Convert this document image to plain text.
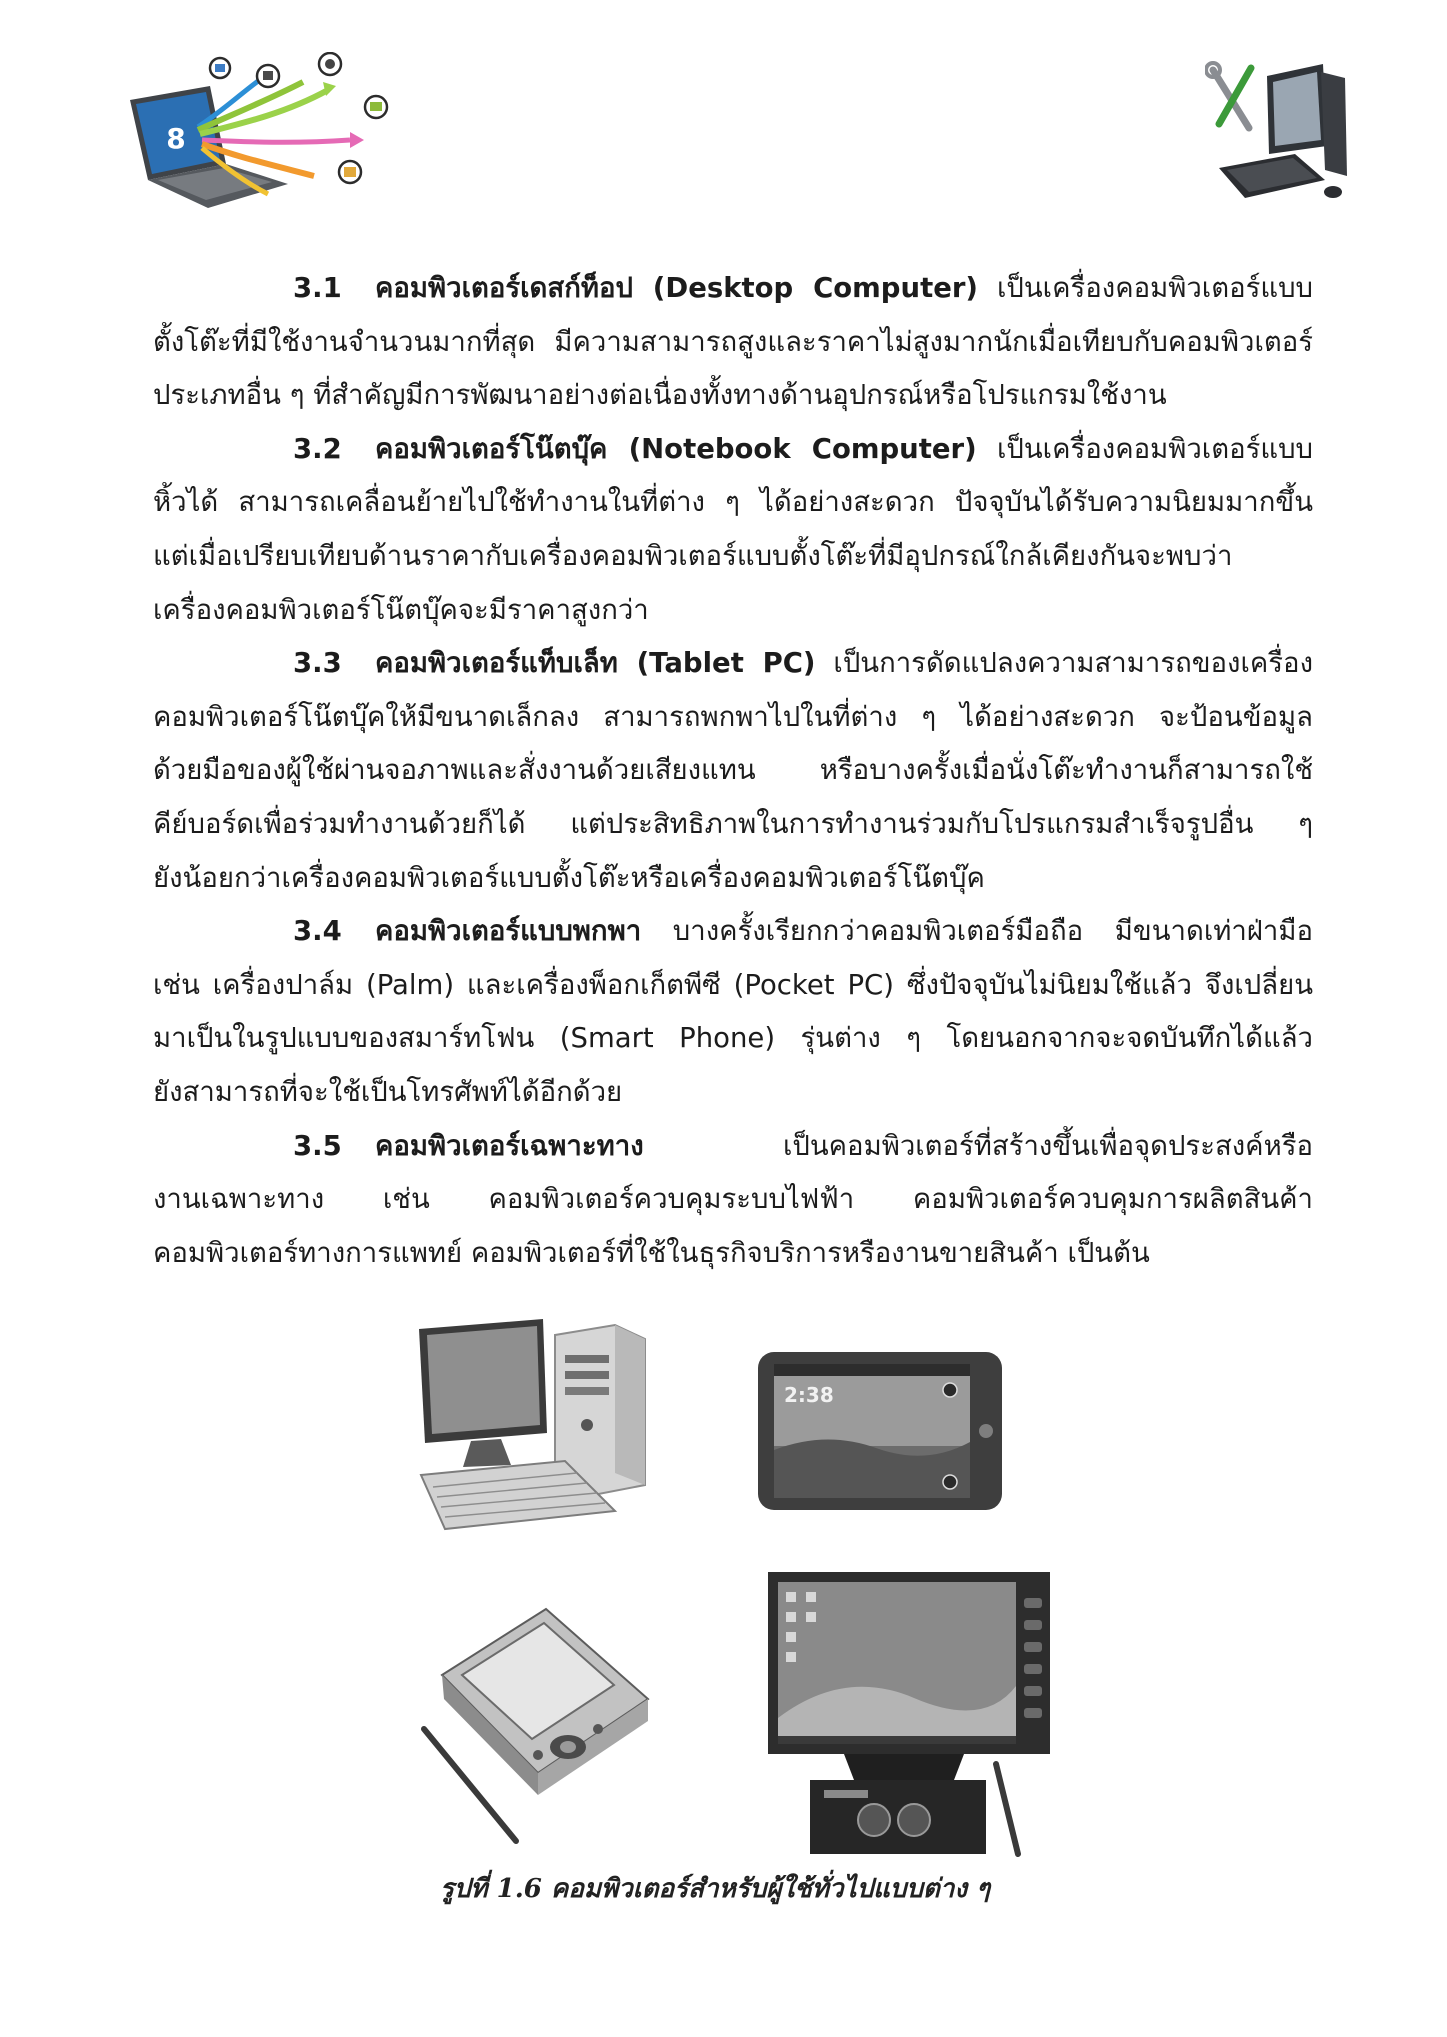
8

3.1 คอมพิวเตอร์เดสก์ท็อป (Desktop Computer) เป็นเครื่องคอมพิวเตอร์แบบ

ตั้งโต๊ะที่มีใช้งานจำนวนมากที่สุด มีความสามารถสูงและราคาไม่สูงมากนักเมื่อเทียบกับคอมพิวเตอร์

ประเภทอื่น ๆ ที่สำคัญมีการพัฒนาอย่างต่อเนื่องทั้งทางด้านอุปกรณ์หรือโปรแกรมใช้งาน

3.2 คอมพิวเตอร์โน๊ตบุ๊ค (Notebook Computer) เป็นเครื่องคอมพิวเตอร์แบบ

หิ้วได้ สามารถเคลื่อนย้ายไปใช้ทำงานในที่ต่าง ๆ ได้อย่างสะดวก ปัจจุบันได้รับความนิยมมากขึ้น

แต่เมื่อเปรียบเทียบด้านราคากับเครื่องคอมพิวเตอร์แบบตั้งโต๊ะที่มีอุปกรณ์ใกล้เคียงกันจะพบว่า

เครื่องคอมพิวเตอร์โน๊ตบุ๊คจะมีราคาสูงกว่า

3.3 คอมพิวเตอร์แท็บเล็ท (Tablet PC) เป็นการดัดแปลงความสามารถของเครื่อง

คอมพิวเตอร์โน๊ตบุ๊คให้มีขนาดเล็กลง สามารถพกพาไปในที่ต่าง ๆ ได้อย่างสะดวก จะป้อนข้อมูล

ด้วยมือของผู้ใช้ผ่านจอภาพและสั่งงานด้วยเสียงแทน หรือบางครั้งเมื่อนั่งโต๊ะทำงานก็สามารถใช้

คีย์บอร์ดเพื่อร่วมทำงานด้วยก็ได้ แต่ประสิทธิภาพในการทำงานร่วมกับโปรแกรมสำเร็จรูปอื่น ๆ

ยังน้อยกว่าเครื่องคอมพิวเตอร์แบบตั้งโต๊ะหรือเครื่องคอมพิวเตอร์โน๊ตบุ๊ค

3.4 คอมพิวเตอร์แบบพกพา บางครั้งเรียกกว่าคอมพิวเตอร์มือถือ มีขนาดเท่าฝ่ามือ

เช่น เครื่องปาล์ม (Palm) และเครื่องพ็อกเก็ตพีซี (Pocket PC) ซึ่งปัจจุบันไม่นิยมใช้แล้ว จึงเปลี่ยน

มาเป็นในรูปแบบของสมาร์ทโฟน (Smart Phone) รุ่นต่าง ๆ โดยนอกจากจะจดบันทึกได้แล้ว

ยังสามารถที่จะใช้เป็นโทรศัพท์ได้อีกด้วย

3.5 คอมพิวเตอร์เฉพาะทาง	เป็นคอมพิวเตอร์ที่สร้างขึ้นเพื่อจุดประสงค์หรือ

งานเฉพาะทาง เช่น คอมพิวเตอร์ควบคุมระบบไฟฟ้า คอมพิวเตอร์ควบคุมการผลิตสินค้า

คอมพิวเตอร์ทางการแพทย์ คอมพิวเตอร์ที่ใช้ในธุรกิจบริการหรืองานขายสินค้า เป็นต้น

2:38
รูปที่ 1.6 คอมพิวเตอร์สำหรับผู้ใช้ทั่วไปแบบต่าง ๆ
